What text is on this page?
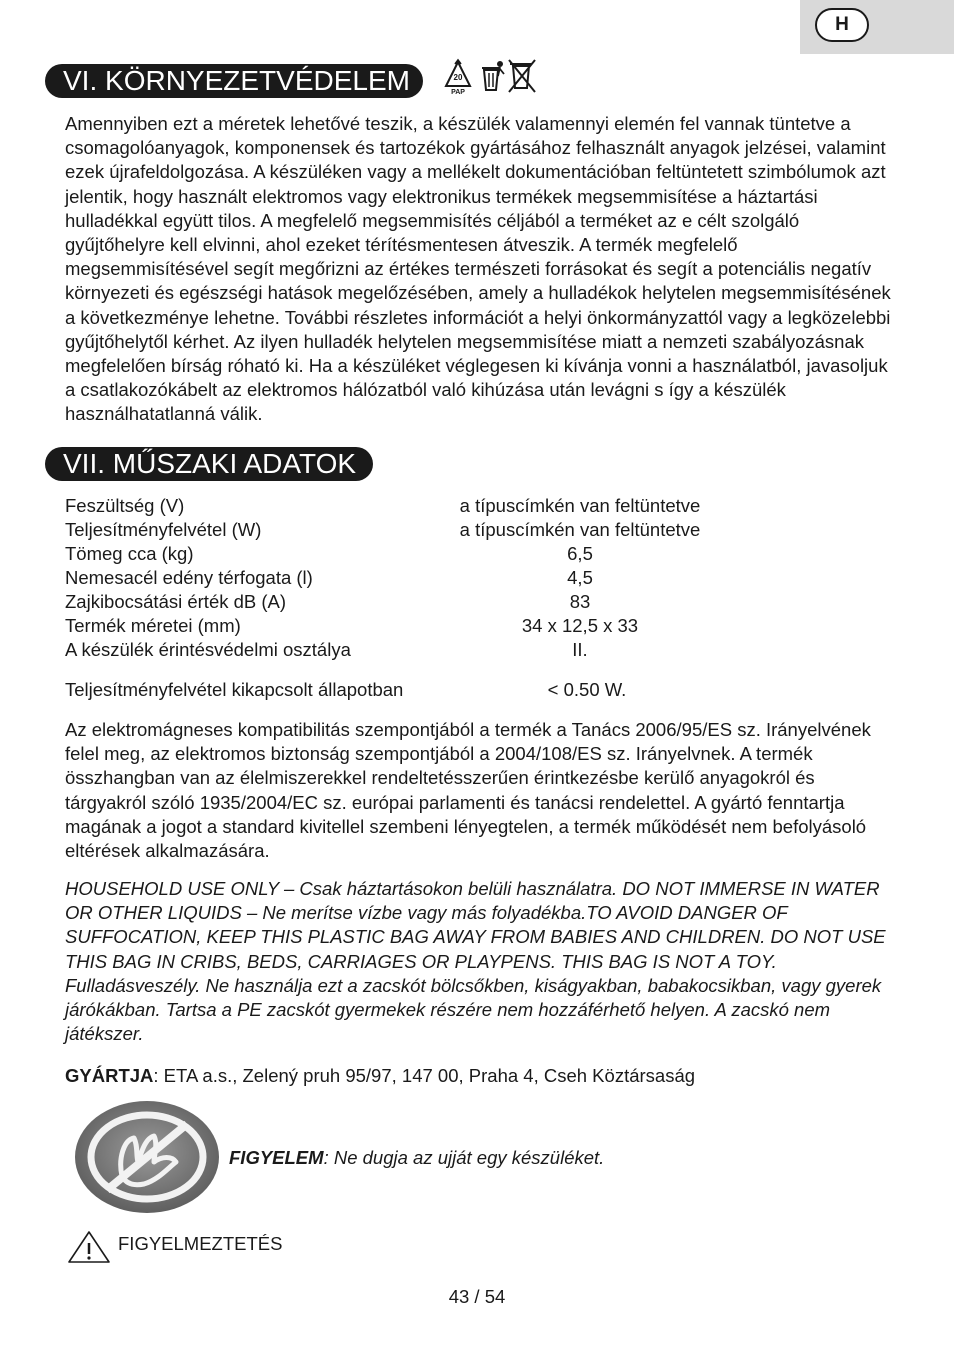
H
VI. KÖRNYEZETVÉDELEM	20
PAP

Amennyiben ezt a méretek lehetővé teszik, a készülék valamennyi elemén fel vannak tüntetve a csomagolóanyagok, komponensek és tartozékok gyártásához felhasznált anyagok jelzései, valamint ezek újrafeldolgozása. A készüléken vagy a mellékelt dokumentációban feltüntetett szimbólumok azt jelentik, hogy használt elektromos vagy elektronikus termékek megsemmisítése a háztartási hulladékkal együtt tilos. A megfelelő megsemmisítés céljából a terméket az e célt szolgáló gyűjtőhelyre kell elvinni, ahol ezeket térítésmentesen átveszik. A termék megfelelő megsemmisítésével segít megőrizni az értékes természeti forrásokat és segít a potenciális negatív környezeti és egészségi hatások megelőzésében, amely a hulladékok helytelen megsemmisítésének a következménye lehetne. További részletes információt a helyi önkormányzattól vagy a legközelebbi gyűjtőhelytől kérhet. Az ilyen hulladék helytelen megsemmisítése miatt a nemzeti szabályozásnak megfelelően bírság róható ki. Ha a készüléket véglegesen ki kívánja vonni a használatból, javasoljuk a csatlakozókábelt az elektromos hálózatból való kihúzása után levágni s így a készülék használhatatlanná válik.

VII. MŰSZAKI ADATOK
Feszültség (V)	a típuscímkén van feltüntetve
Teljesítményfelvétel (W)	a típuscímkén van feltüntetve
Tömeg cca (kg)	6,5
Nemesacél edény térfogata (l)	4,5
Zajkibocsátási érték dB (A)	83
Termék méretei (mm)	34 x 12,5 x 33
A készülék érintésvédelmi osztálya	II.
Teljesítményfelvétel kikapcsolt állapotban	< 0.50 W.

Az elektromágneses kompatibilitás szempontjából a termék a Tanács 2006/95/ES sz. Irányelvének felel meg, az elektromos biztonság szempontjából a 2004/108/ES sz. Irányelvnek. A termék összhangban van az élelmiszerekkel rendeltetésszerűen érintkezésbe kerülő anyagokról és tárgyakról szóló 1935/2004/EC sz. európai parlamenti és tanácsi rendelettel. A gyártó fenntartja magának a jogot a standard kivitellel szembeni lényegtelen, a termék működését nem befolyásoló eltérések alkalmazására.

HOUSEHOLD USE ONLY – Csak háztartásokon belüli használatra. DO NOT IMMERSE IN WATER OR OTHER LIQUIDS – Ne merítse vízbe vagy más folyadékba.TO AVOID DANGER OF SUFFOCATION, KEEP THIS PLASTIC BAG AWAY FROM BABIES AND CHILDREN. DO NOT USE THIS BAG IN CRIBS, BEDS, CARRIAGES OR PLAYPENS. THIS BAG IS NOT A TOY. Fulladásveszély. Ne használja ezt a zacskót bölcsőkben, kiságyakban, babakocsikban, vagy gyerek járókákban. Tartsa a PE zacskót gyermekek részére nem hozzáférhető helyen. A zacskó nem játékszer.

GYÁRTJA: ETA a.s., Zelený pruh 95/97, 147 00, Praha 4, Cseh Köztársaság

FIGYELEM: Ne dugja az ujját egy készüléket.
FIGYELMEZTETÉS
43 / 54
